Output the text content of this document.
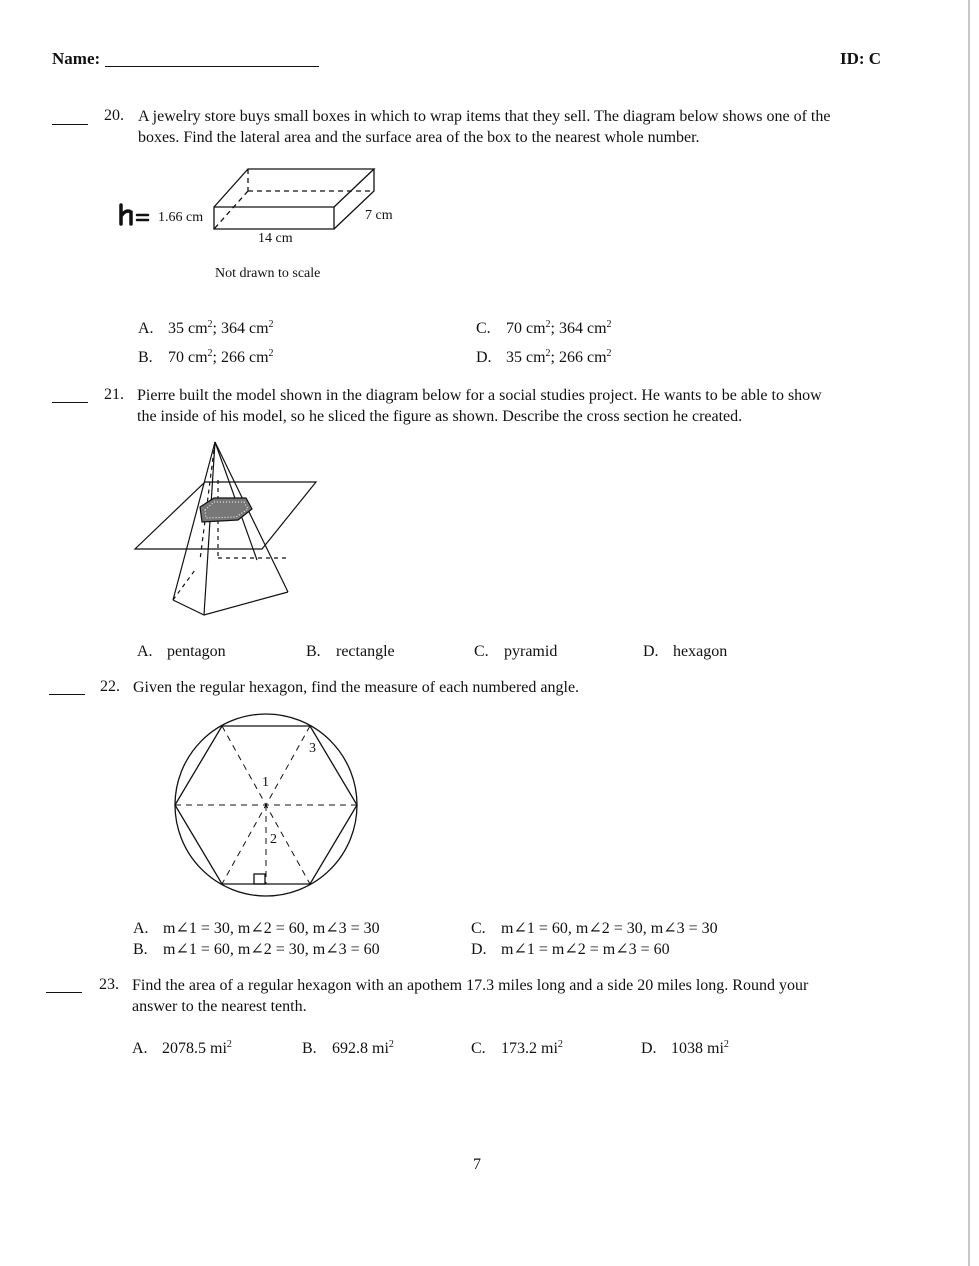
Name:	ID: C
20. A jewelry store buys small boxes in which to wrap items that they sell. The diagram below shows one of the
boxes. Find the lateral area and the surface area of the box to the nearest whole number.
1.66 cm	7 cm
14 cm
Not drawn to scale
A. 35 $cm^2$; 364 $cm^2$
B. 70 $cm^2$; 266 $cm^2$
C. 70 $cm^2$; 364 $cm^2$
D. 35 $cm^2$; 266 $cm^2$
21. Pierre built the model shown in the diagram below for a social studies project. He wants to be able to show
the inside of his model, so he sliced the figure as shown. Describe the cross section he created.
A. pentagon	B. rectangle	C. pyramid	D. hexagon
22. Given the regular hexagon, find the measure of each numbered angle.
1
2
3
A. m∠1 = 30, m∠2 = 60, m∠3 = 30
B. m∠1 = 60, m∠2 = 30, m∠3 = 60
C. m∠1 = 60, m∠2 = 30, m∠3 = 30
D. m∠1 = m∠2 = m∠3 = 60
23. Find the area of a regular hexagon with an apothem 17.3 miles long and a side 20 miles long. Round your
answer to the nearest tenth.
A. 2078.5 $mi^2$	B. 692.8 $mi^2$	C. 173.2 $mi^2$	D. 1038 $mi^2$
7
